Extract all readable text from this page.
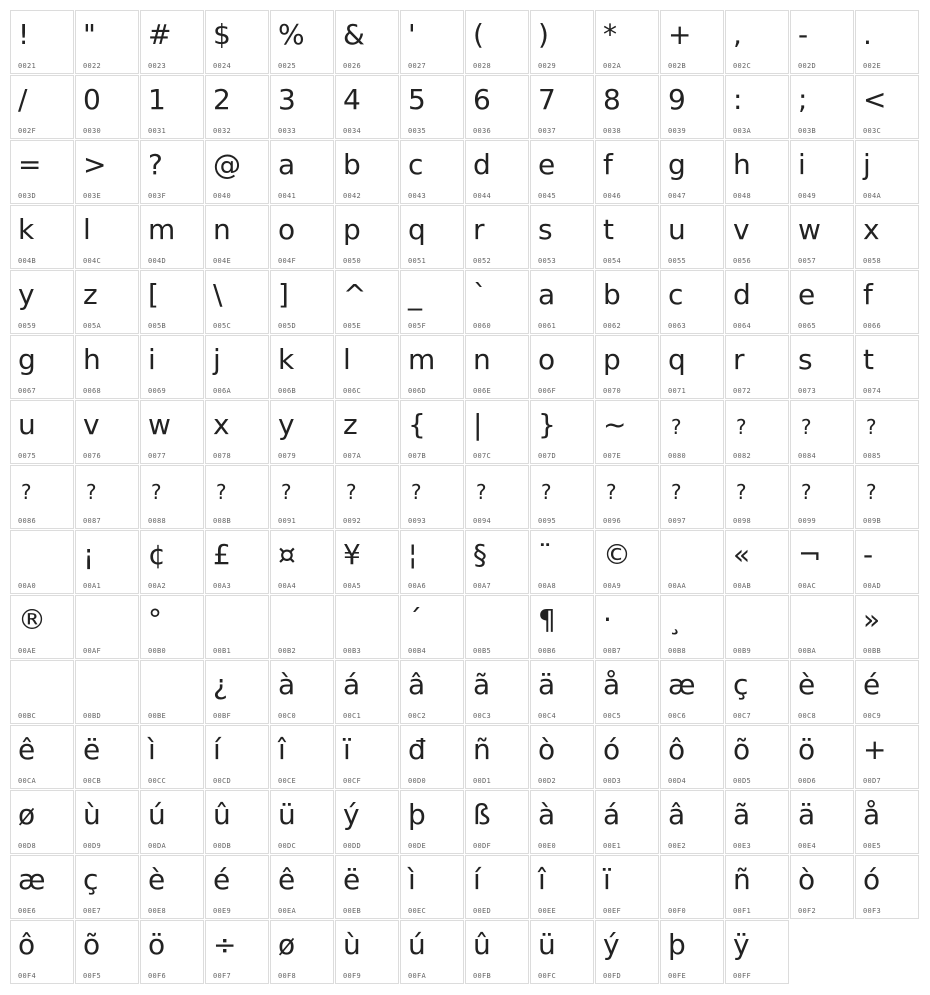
!
0021
"
0022
#
0023
$
0024
%
0025
&
0026
'
0027
(
0028
)
0029
*
002A
+
002B
,
002C
-
002D
.
002E
/
002F
0
0030
1
0031
2
0032
3
0033
4
0034
5
0035
6
0036
7
0037
8
0038
9
0039
:
003A
;
003B
<
003C
=
003D
>
003E
?
003F
@
0040
a
0041
b
0042
c
0043
d
0044
e
0045
f
0046
g
0047
h
0048
i
0049
j
004A
k
004B
l
004C
m
004D
n
004E
o
004F
p
0050
q
0051
r
0052
s
0053
t
0054
u
0055
v
0056
w
0057
x
0058
y
0059
z
005A
[
005B
\
005C
]
005D
^
005E
_
005F
`
0060
a
0061
b
0062
c
0063
d
0064
e
0065
f
0066
g
0067
h
0068
i
0069
j
006A
k
006B
l
006C
m
006D
n
006E
o
006F
p
0070
q
0071
r
0072
s
0073
t
0074
u
0075
v
0076
w
0077
x
0078
y
0079
z
007A
{
007B
|
007C
}
007D
~
007E
?
0080
?
0082
?
0084
?
0085
?
0086
?
0087
?
0088
?
008B
?
0091
?
0092
?
0093
?
0094
?
0095
?
0096
?
0097
?
0098
?
0099
?
009B
00A0
¡
00A1
¢
00A2
£
00A3
¤
00A4
¥
00A5
¦
00A6
§
00A7
¨
00A8
©
00A9	00AA
«
00AB
¬
00AC
-
00AD
®
00AE	00AF
°
00B0	00B1	00B2	00B3
´
00B4	00B5
¶
00B6
·
00B7
¸
00B8	00B9	00BA
»
00BB
00BC	00BD	00BE
¿
00BF
à
00C0
á
00C1
â
00C2
ã
00C3
ä
00C4
å
00C5
æ
00C6
ç
00C7
è
00C8
é
00C9
ê
00CA
ë
00CB
ì
00CC
í
00CD
î
00CE
ï
00CF
đ
00D0
ñ
00D1
ò
00D2
ó
00D3
ô
00D4
õ
00D5
ö
00D6
+
00D7
ø
00D8
ù
00D9
ú
00DA
û
00DB
ü
00DC
ý
00DD
þ
00DE
ß
00DF
à
00E0
á
00E1
â
00E2
ã
00E3
ä
00E4
å
00E5
æ
00E6
ç
00E7
è
00E8
é
00E9
ê
00EA
ë
00EB
ì
00EC
í
00ED
î
00EE
ï
00EF	00F0
ñ
00F1
ò
00F2
ó
00F3
ô
00F4
õ
00F5
ö
00F6
÷
00F7
ø
00F8
ù
00F9
ú
00FA
û
00FB
ü
00FC
ý
00FD
þ
00FE
ÿ
00FF
